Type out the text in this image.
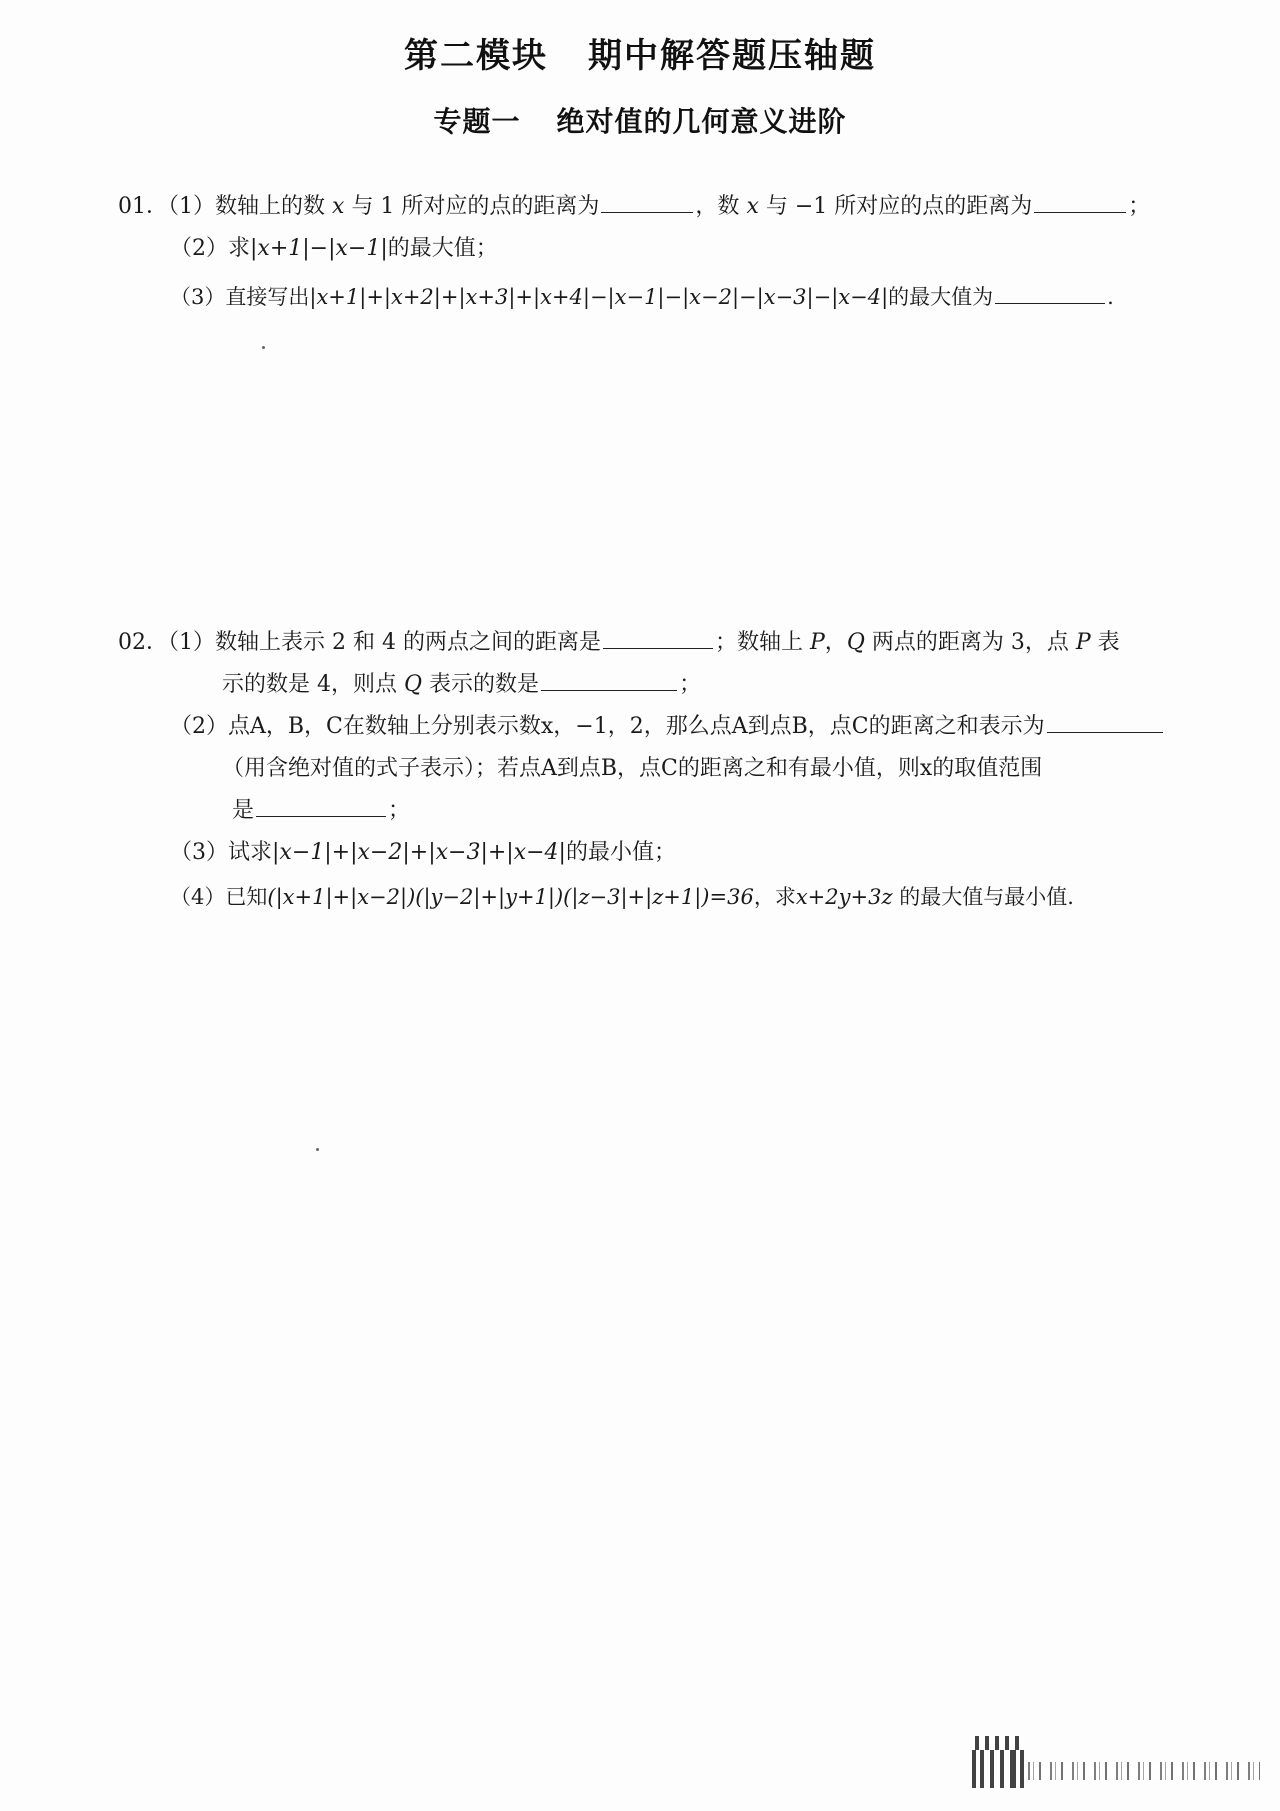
第二模块 期中解答题压轴题
专题一 绝对值的几何意义进阶
01．（1）数轴上的数 x 与 1 所对应的点的距离为	，数 x 与 −1 所对应的点的距离为	；
（2）求|x+1|−|x−1|的最大值；
（3）直接写出|x+1|+|x+2|+|x+3|+|x+4|−|x−1|−|x−2|−|x−3|−|x−4|的最大值为	.
02．（1）数轴上表示 2 和 4 的两点之间的距离是	；数轴上 P，Q 两点的距离为 3，点 P 表
示的数是 4，则点 Q 表示的数是	；
（2）点A，B，C在数轴上分别表示数x，−1，2，那么点A到点B，点C的距离之和表示为
（用含绝对值的式子表示）；若点A到点B，点C的距离之和有最小值，则x的取值范围
是	；
（3）试求|x−1|+|x−2|+|x−3|+|x−4|的最小值；
（4）已知(|x+1|+|x−2|)(|y−2|+|y+1|)(|z−3|+|z+1|)=36，求x+2y+3z 的最大值与最小值.
